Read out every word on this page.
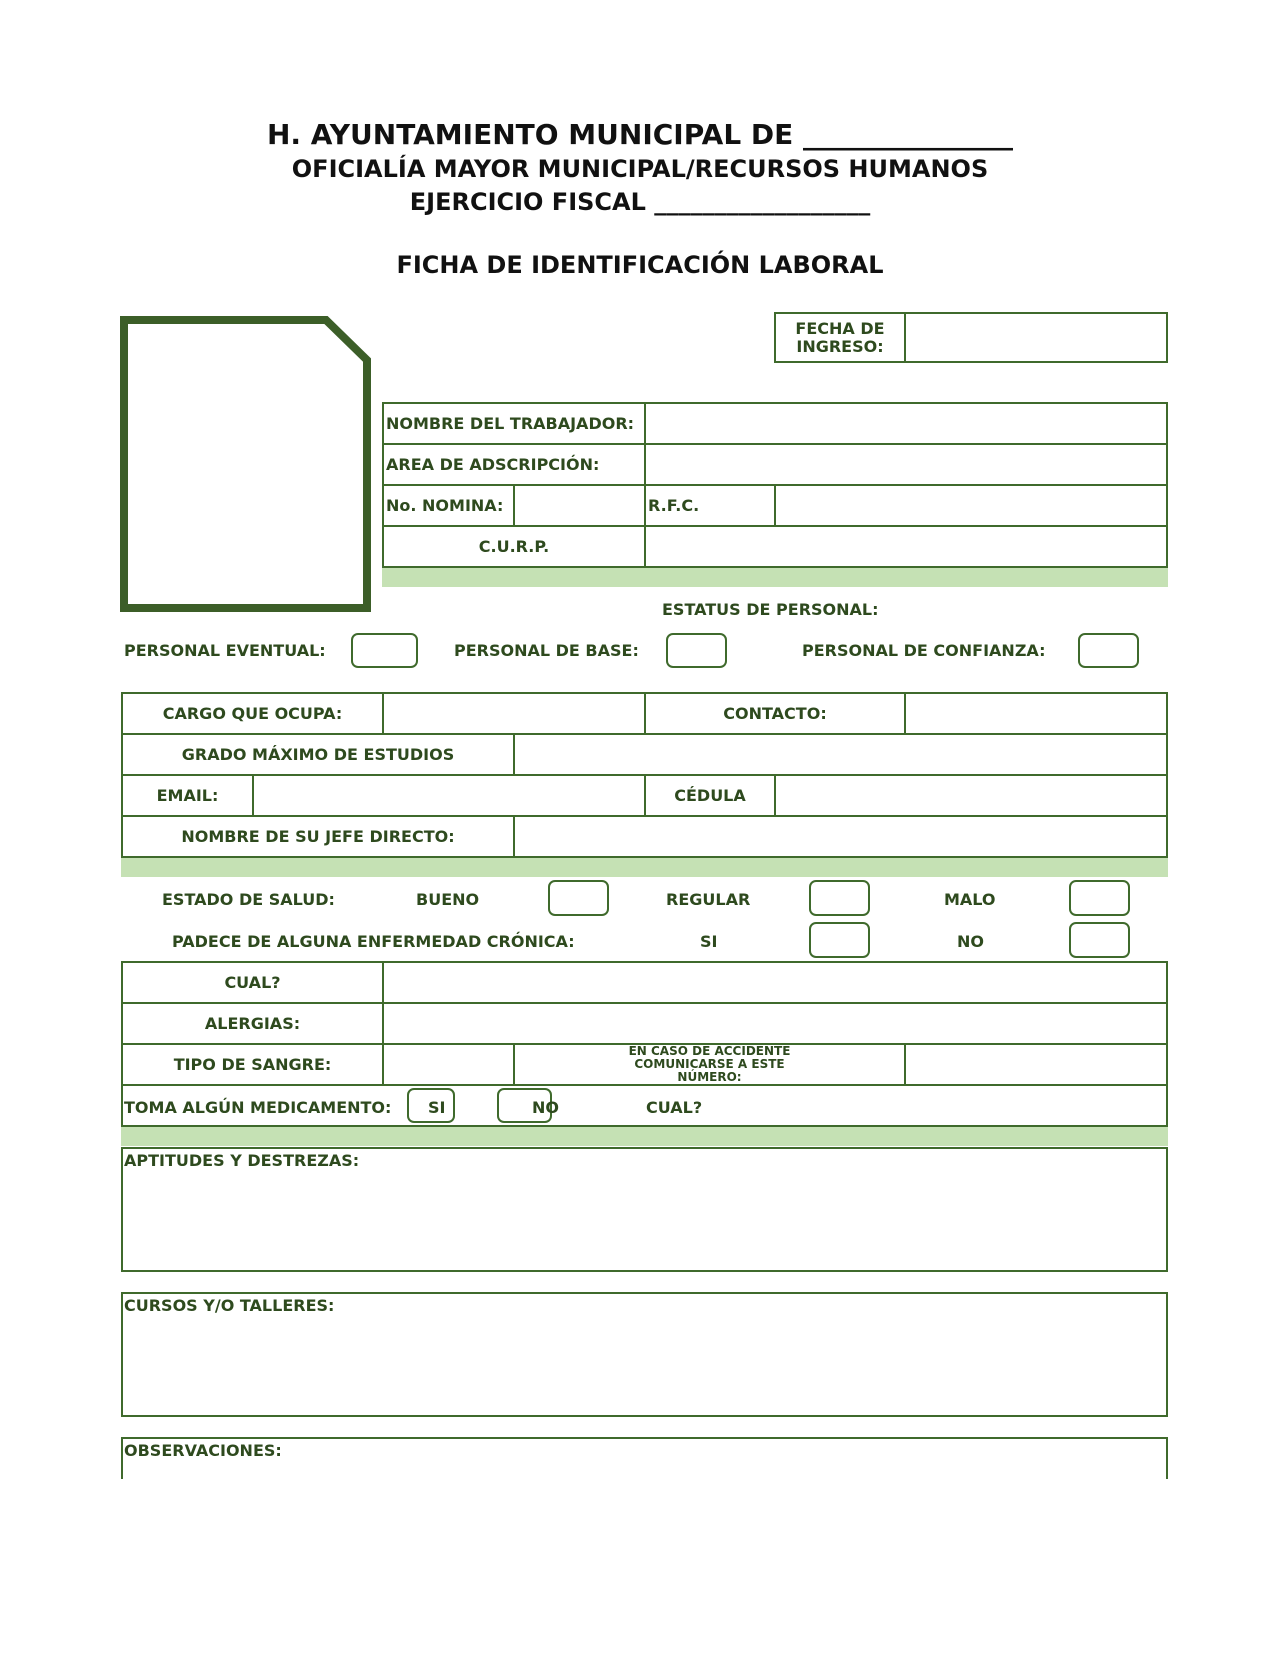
H. AYUNTAMIENTO MUNICIPAL DE _______________
OFICIALÍA MAYOR MUNICIPAL/RECURSOS HUMANOS
EJERCICIO FISCAL __________________
FICHA DE IDENTIFICACIÓN LABORAL
FECHA DE INGRESO:
NOMBRE DEL TRABAJADOR:
AREA DE ADSCRIPCIÓN:
No. NOMINA:	R.F.C.
C.U.R.P.
ESTATUS DE PERSONAL:
PERSONAL EVENTUAL:	PERSONAL DE BASE:	PERSONAL DE CONFIANZA:
CARGO QUE OCUPA:	CONTACTO:
GRADO MÁXIMO DE ESTUDIOS
EMAIL:	CÉDULA
NOMBRE DE SU JEFE DIRECTO:
ESTADO DE SALUD:	BUENO	REGULAR	MALO
PADECE DE ALGUNA ENFERMEDAD CRÓNICA:	SI	NO
CUAL?
ALERGIAS:
TIPO DE SANGRE:
EN CASO DE ACCIDENTE COMUNICARSE A ESTE NÚMERO:
TOMA ALGÚN MEDICAMENTO: SI	NO	CUAL?
APTITUDES Y DESTREZAS:
CURSOS Y/O TALLERES:
OBSERVACIONES:
